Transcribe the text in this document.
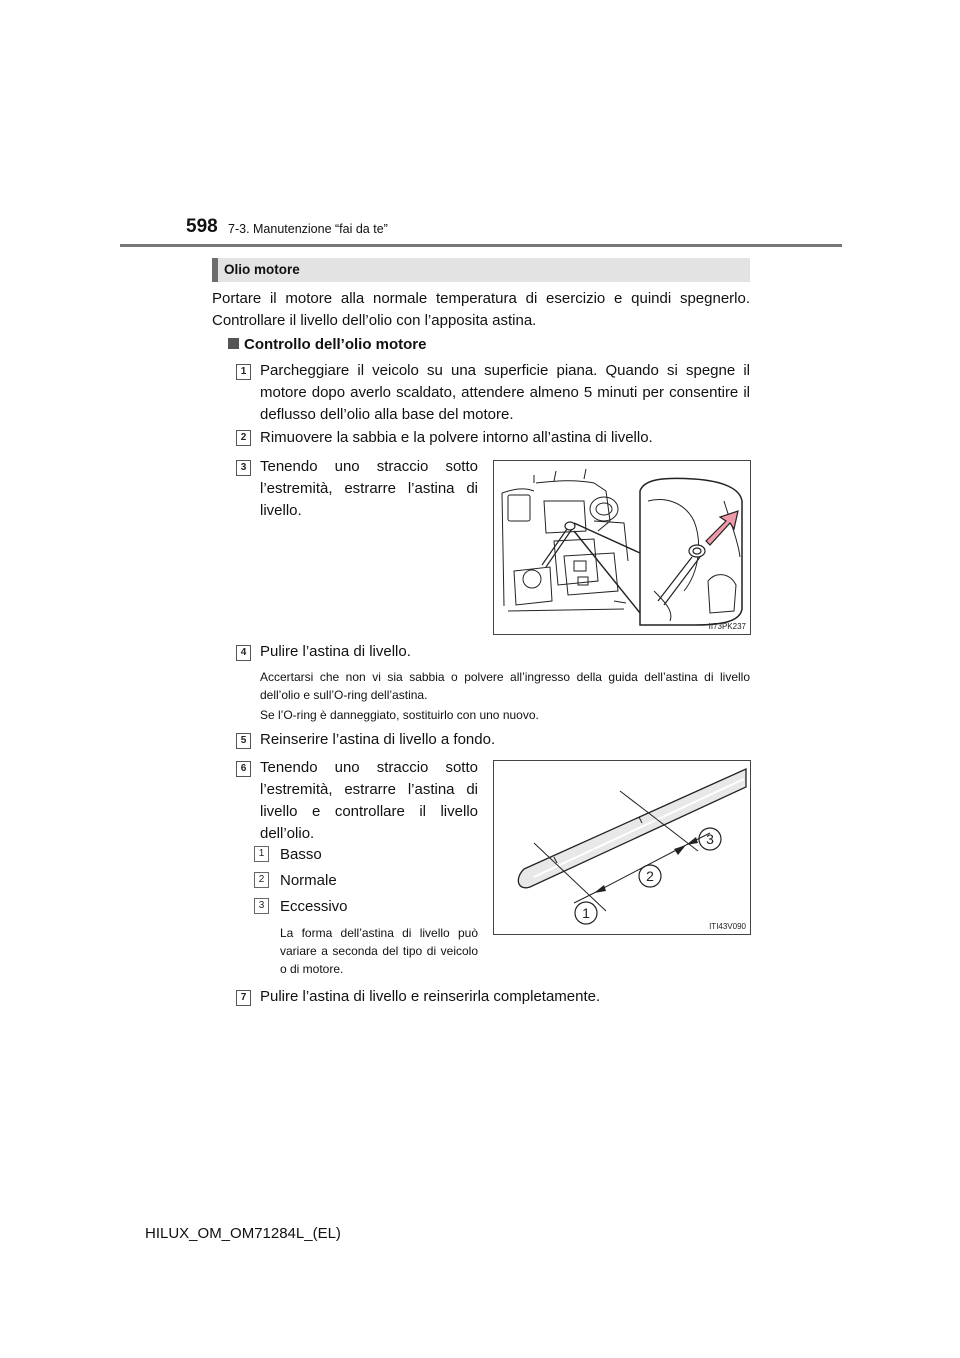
598 7-3. Manutenzione “fai da te”
Olio motore
Portare il motore alla normale temperatura di esercizio e quindi spegnerlo. Controllare il livello dell’olio con l’apposita astina.
Controllo dell’olio motore
1 Parcheggiare il veicolo su una superficie piana. Quando si spegne il motore dopo averlo scaldato, attendere almeno 5 minuti per consentire il deflusso dell’olio alla base del motore.
2 Rimuovere la sabbia e la polvere intorno all’astina di livello.
3 Tenendo uno straccio sotto l’estremità, estrarre l’astina di livello.
II73PK237
4 Pulire l’astina di livello.
Accertarsi che non vi sia sabbia o polvere all’ingresso della guida dell’astina di livello dell’olio e sull’O-ring dell’astina.
Se l’O-ring è danneggiato, sostituirlo con uno nuovo.
5 Reinserire l’astina di livello a fondo.
6 Tenendo uno straccio sotto l’estremità, estrarre l’astina di livello e controllare il livello dell’olio.
1	Basso
2	Normale
3	Eccessivo
La forma dell’astina di livello può variare a seconda del tipo di veicolo o di motore.
1
2
3
ITI43V090
7 Pulire l’astina di livello e reinserirla completamente.
HILUX_OM_OM71284L_(EL)
